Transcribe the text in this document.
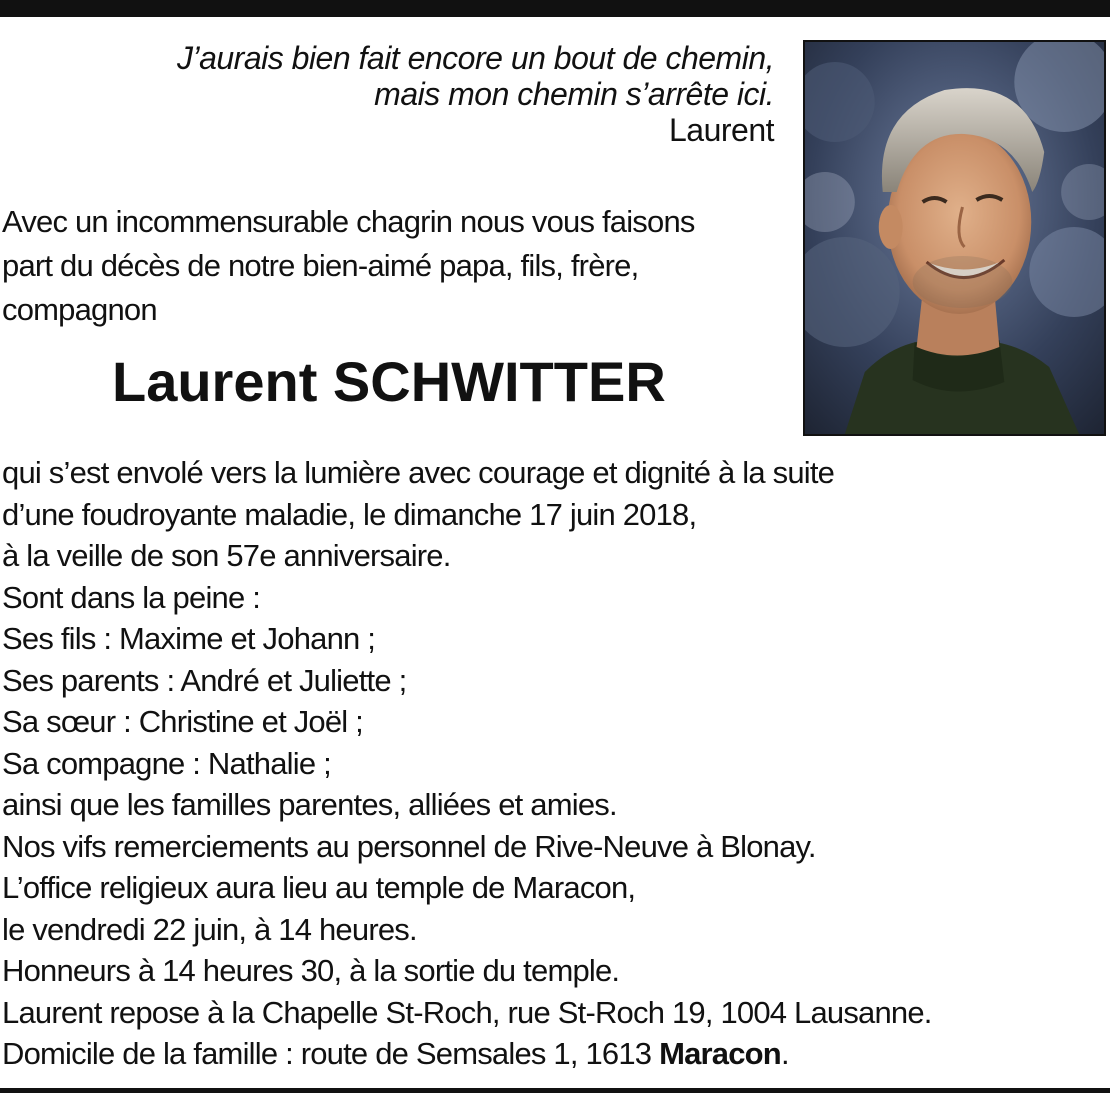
J’aurais bien fait encore un bout de chemin,
mais mon chemin s’arrête ici.
Laurent
Avec un incommensurable chagrin nous vous faisons
part du décès de notre bien-aimé papa, fils, frère,
compagnon
Laurent SCHWITTER
qui s’est envolé vers la lumière avec courage et dignité à la suite
d’une foudroyante maladie, le dimanche 17 juin 2018,
à la veille de son 57e anniversaire.
Sont dans la peine :
Ses fils : Maxime et Johann ;
Ses parents : André et Juliette ;
Sa sœur : Christine et Joël ;
Sa compagne : Nathalie ;
ainsi que les familles parentes, alliées et amies.
Nos vifs remerciements au personnel de Rive-Neuve à Blonay.
L’office religieux aura lieu au temple de Maracon,
le vendredi 22 juin, à 14 heures.
Honneurs à 14 heures 30, à la sortie du temple.
Laurent repose à la Chapelle St-Roch, rue St-Roch 19, 1004 Lausanne.
Domicile de la famille : route de Semsales 1, 1613 Maracon.
